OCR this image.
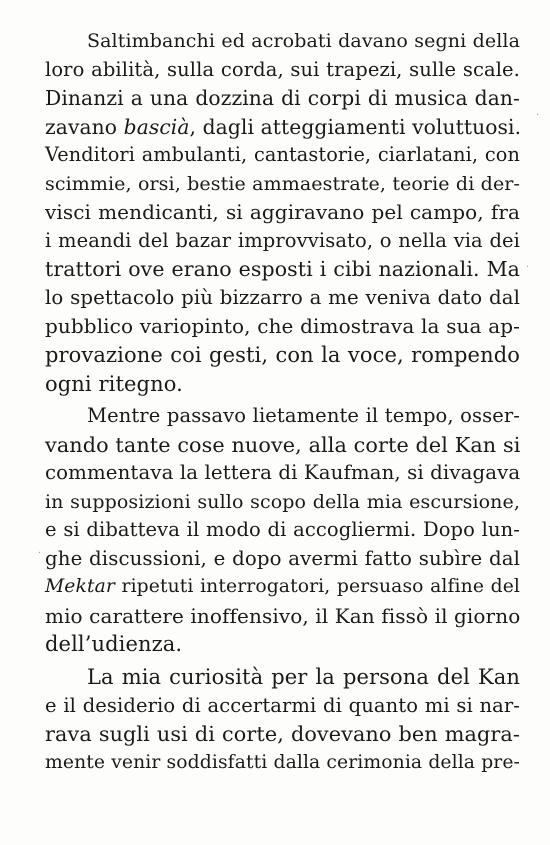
Saltimbanchi ed acrobati davano segni della
loro abilità, sulla corda, sui trapezi, sulle scale.
Dinanzi a una dozzina di corpi di musica dan-
zavano bascià, dagli atteggiamenti voluttuosi.
Venditori ambulanti, cantastorie, ciarlatani, con
scimmie, orsi, bestie ammaestrate, teorie di der-
visci mendicanti, si aggiravano pel campo, fra
i meandi del bazar improvvisato, o nella via dei
trattori ove erano esposti i cibi nazionali. Ma
lo spettacolo più bizzarro a me veniva dato dal
pubblico variopinto, che dimostrava la sua ap-
provazione coi gesti, con la voce, rompendo
ogni ritegno.
Mentre passavo lietamente il tempo, osser-
vando tante cose nuove, alla corte del Kan si
commentava la lettera di Kaufman, si divagava
in supposizioni sullo scopo della mia escursione,
e si dibatteva il modo di accogliermi. Dopo lun-
ghe discussioni, e dopo avermi fatto subìre dal
Mektar ripetuti interrogatori, persuaso alfine del
mio carattere inoffensivo, il Kan fissò il giorno
dell’udienza.
La mia curiosità per la persona del Kan
e il desiderio di accertarmi di quanto mi si nar-
rava sugli usi di corte, dovevano ben magra-
mente venir soddisfatti dalla cerimonia della pre-
·
·
·
